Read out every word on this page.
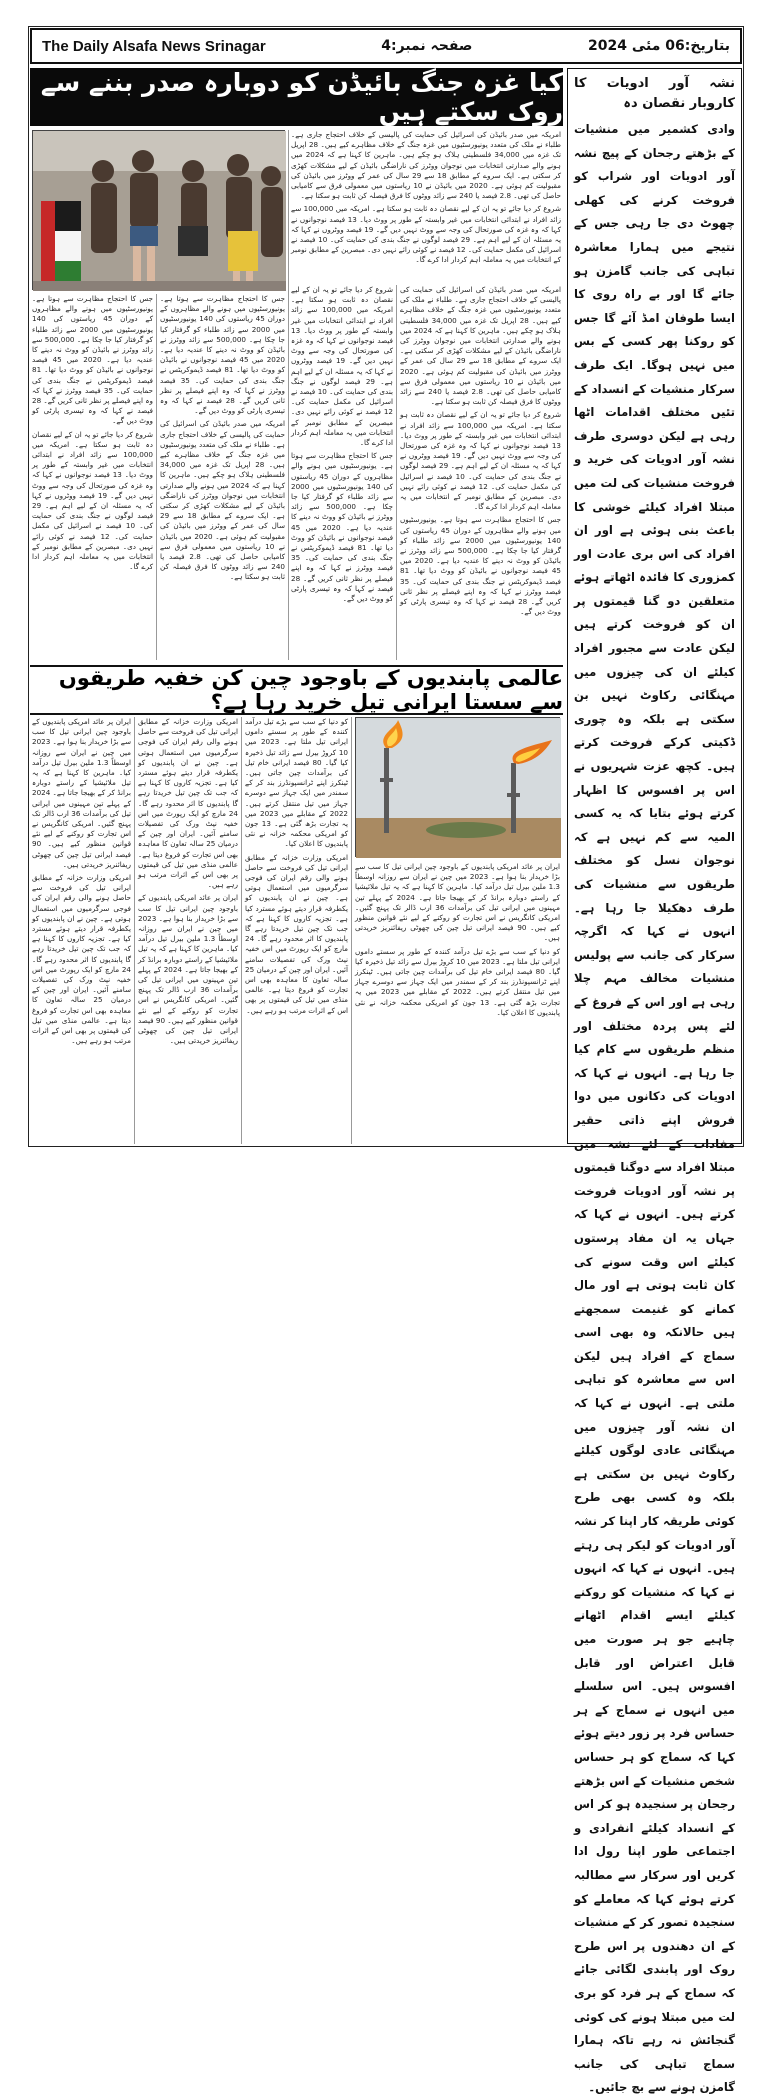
The Daily Alsafa News Srinagar	صفحہ نمبر:4	بتاریخ:06 مئی 2024
کیا غزہ جنگ بائیڈن کو دوبارہ صدر بننے سے روک سکتے ہیں

امریکہ میں صدر بائیڈن کی اسرائیل کی حمایت کی پالیسی کے خلاف احتجاج جاری ہے۔ طلباء نے ملک کی متعدد یونیورسٹیوں میں غزہ جنگ کے خلاف مظاہرے کیے ہیں۔ 28 اپریل تک غزہ میں 34,000 فلسطینی ہلاک ہو چکے ہیں۔ ماہرین کا کہنا ہے کہ 2024 میں ہونے والے صدارتی انتخابات میں نوجوان ووٹرز کی ناراضگی بائیڈن کے لیے مشکلات کھڑی کر سکتی ہے۔ ایک سروے کے مطابق 18 سے 29 سال کی عمر کے ووٹرز میں بائیڈن کی مقبولیت کم ہوئی ہے۔ 2020 میں بائیڈن نے 10 ریاستوں میں معمولی فرق سے کامیابی حاصل کی تھی۔ 2.8 فیصد یا 240 سے زائد ووٹوں کا فرق فیصلہ کن ثابت ہو سکتا ہے۔

شروع کر دیا جائے تو یہ ان کے لیے نقصان دہ ثابت ہو سکتا ہے۔ امریکہ میں 100,000 سے زائد افراد نے ابتدائی انتخابات میں غیر وابستہ کے طور پر ووٹ دیا۔ 13 فیصد نوجوانوں نے کہا کہ وہ غزہ کی صورتحال کی وجہ سے ووٹ نہیں دیں گے۔ 19 فیصد ووٹروں نے کہا کہ یہ مسئلہ ان کے لیے اہم ہے۔ 29 فیصد لوگوں نے جنگ بندی کی حمایت کی۔ 10 فیصد نے اسرائیل کی مکمل حمایت کی۔ 12 فیصد نے کوئی رائے نہیں دی۔ مبصرین کے مطابق نومبر کے انتخابات میں یہ معاملہ اہم کردار ادا کرے گا۔

امریکہ میں صدر بائیڈن کی اسرائیل کی حمایت کی پالیسی کے خلاف احتجاج جاری ہے۔ طلباء نے ملک کی متعدد یونیورسٹیوں میں غزہ جنگ کے خلاف مظاہرے کیے ہیں۔ 28 اپریل تک غزہ میں 34,000 فلسطینی ہلاک ہو چکے ہیں۔ ماہرین کا کہنا ہے کہ 2024 میں ہونے والے صدارتی انتخابات میں نوجوان ووٹرز کی ناراضگی بائیڈن کے لیے مشکلات کھڑی کر سکتی ہے۔ ایک سروے کے مطابق 18 سے 29 سال کی عمر کے ووٹرز میں بائیڈن کی مقبولیت کم ہوئی ہے۔ 2020 میں بائیڈن نے 10 ریاستوں میں معمولی فرق سے کامیابی حاصل کی تھی۔ 2.8 فیصد یا 240 سے زائد ووٹوں کا فرق فیصلہ کن ثابت ہو سکتا ہے۔

شروع کر دیا جائے تو یہ ان کے لیے نقصان دہ ثابت ہو سکتا ہے۔ امریکہ میں 100,000 سے زائد افراد نے ابتدائی انتخابات میں غیر وابستہ کے طور پر ووٹ دیا۔ 13 فیصد نوجوانوں نے کہا کہ وہ غزہ کی صورتحال کی وجہ سے ووٹ نہیں دیں گے۔ 19 فیصد ووٹروں نے کہا کہ یہ مسئلہ ان کے لیے اہم ہے۔ 29 فیصد لوگوں نے جنگ بندی کی حمایت کی۔ 10 فیصد نے اسرائیل کی مکمل حمایت کی۔ 12 فیصد نے کوئی رائے نہیں دی۔ مبصرین کے مطابق نومبر کے انتخابات میں یہ معاملہ اہم کردار ادا کرے گا۔

جس کا احتجاج مظاہرت سے ہوتا ہے۔ یونیورسٹیوں میں ہونے والے مظاہروں کے دوران 45 ریاستوں کی 140 یونیورسٹیوں میں 2000 سے زائد طلباء کو گرفتار کیا جا چکا ہے۔ 500,000 سے زائد ووٹرز نے بائیڈن کو ووٹ نہ دینے کا عندیہ دیا ہے۔ 2020 میں 45 فیصد نوجوانوں نے بائیڈن کو ووٹ دیا تھا۔ 81 فیصد ڈیموکریٹس نے جنگ بندی کی حمایت کی۔ 35 فیصد ووٹرز نے کہا کہ وہ اپنے فیصلے پر نظر ثانی کریں گے۔ 28 فیصد نے کہا کہ وہ تیسری پارٹی کو ووٹ دیں گے۔

شروع کر دیا جائے تو یہ ان کے لیے نقصان دہ ثابت ہو سکتا ہے۔ امریکہ میں 100,000 سے زائد افراد نے ابتدائی انتخابات میں غیر وابستہ کے طور پر ووٹ دیا۔ 13 فیصد نوجوانوں نے کہا کہ وہ غزہ کی صورتحال کی وجہ سے ووٹ نہیں دیں گے۔ 19 فیصد ووٹروں نے کہا کہ یہ مسئلہ ان کے لیے اہم ہے۔ 29 فیصد لوگوں نے جنگ بندی کی حمایت کی۔ 10 فیصد نے اسرائیل کی مکمل حمایت کی۔ 12 فیصد نے کوئی رائے نہیں دی۔ مبصرین کے مطابق نومبر کے انتخابات میں یہ معاملہ اہم کردار ادا کرے گا۔

جس کا احتجاج مظاہرت سے ہوتا ہے۔ یونیورسٹیوں میں ہونے والے مظاہروں کے دوران 45 ریاستوں کی 140 یونیورسٹیوں میں 2000 سے زائد طلباء کو گرفتار کیا جا چکا ہے۔ 500,000 سے زائد ووٹرز نے بائیڈن کو ووٹ نہ دینے کا عندیہ دیا ہے۔ 2020 میں 45 فیصد نوجوانوں نے بائیڈن کو ووٹ دیا تھا۔ 81 فیصد ڈیموکریٹس نے جنگ بندی کی حمایت کی۔ 35 فیصد ووٹرز نے کہا کہ وہ اپنے فیصلے پر نظر ثانی کریں گے۔ 28 فیصد نے کہا کہ وہ تیسری پارٹی کو ووٹ دیں گے۔

جس کا احتجاج مظاہرت سے ہوتا ہے۔ یونیورسٹیوں میں ہونے والے مظاہروں کے دوران 45 ریاستوں کی 140 یونیورسٹیوں میں 2000 سے زائد طلباء کو گرفتار کیا جا چکا ہے۔ 500,000 سے زائد ووٹرز نے بائیڈن کو ووٹ نہ دینے کا عندیہ دیا ہے۔ 2020 میں 45 فیصد نوجوانوں نے بائیڈن کو ووٹ دیا تھا۔ 81 فیصد ڈیموکریٹس نے جنگ بندی کی حمایت کی۔ 35 فیصد ووٹرز نے کہا کہ وہ اپنے فیصلے پر نظر ثانی کریں گے۔ 28 فیصد نے کہا کہ وہ تیسری پارٹی کو ووٹ دیں گے۔

امریکہ میں صدر بائیڈن کی اسرائیل کی حمایت کی پالیسی کے خلاف احتجاج جاری ہے۔ طلباء نے ملک کی متعدد یونیورسٹیوں میں غزہ جنگ کے خلاف مظاہرے کیے ہیں۔ 28 اپریل تک غزہ میں 34,000 فلسطینی ہلاک ہو چکے ہیں۔ ماہرین کا کہنا ہے کہ 2024 میں ہونے والے صدارتی انتخابات میں نوجوان ووٹرز کی ناراضگی بائیڈن کے لیے مشکلات کھڑی کر سکتی ہے۔ ایک سروے کے مطابق 18 سے 29 سال کی عمر کے ووٹرز میں بائیڈن کی مقبولیت کم ہوئی ہے۔ 2020 میں بائیڈن نے 10 ریاستوں میں معمولی فرق سے کامیابی حاصل کی تھی۔ 2.8 فیصد یا 240 سے زائد ووٹوں کا فرق فیصلہ کن ثابت ہو سکتا ہے۔

جس کا احتجاج مظاہرت سے ہوتا ہے۔ یونیورسٹیوں میں ہونے والے مظاہروں کے دوران 45 ریاستوں کی 140 یونیورسٹیوں میں 2000 سے زائد طلباء کو گرفتار کیا جا چکا ہے۔ 500,000 سے زائد ووٹرز نے بائیڈن کو ووٹ نہ دینے کا عندیہ دیا ہے۔ 2020 میں 45 فیصد نوجوانوں نے بائیڈن کو ووٹ دیا تھا۔ 81 فیصد ڈیموکریٹس نے جنگ بندی کی حمایت کی۔ 35 فیصد ووٹرز نے کہا کہ وہ اپنے فیصلے پر نظر ثانی کریں گے۔ 28 فیصد نے کہا کہ وہ تیسری پارٹی کو ووٹ دیں گے۔

شروع کر دیا جائے تو یہ ان کے لیے نقصان دہ ثابت ہو سکتا ہے۔ امریکہ میں 100,000 سے زائد افراد نے ابتدائی انتخابات میں غیر وابستہ کے طور پر ووٹ دیا۔ 13 فیصد نوجوانوں نے کہا کہ وہ غزہ کی صورتحال کی وجہ سے ووٹ نہیں دیں گے۔ 19 فیصد ووٹروں نے کہا کہ یہ مسئلہ ان کے لیے اہم ہے۔ 29 فیصد لوگوں نے جنگ بندی کی حمایت کی۔ 10 فیصد نے اسرائیل کی مکمل حمایت کی۔ 12 فیصد نے کوئی رائے نہیں دی۔ مبصرین کے مطابق نومبر کے انتخابات میں یہ معاملہ اہم کردار ادا کرے گا۔

عالمی پابندیوں کے باوجود چین کن خفیہ طریقوں سے سستا ایرانی تیل خرید رہا ہے؟

ایران پر عائد امریکی پابندیوں کے باوجود چین ایرانی تیل کا سب سے بڑا خریدار بنا ہوا ہے۔ 2023 میں چین نے ایران سے روزانہ اوسطاً 1.3 ملین بیرل تیل درآمد کیا۔ ماہرین کا کہنا ہے کہ یہ تیل ملائیشیا کے راستے دوبارہ برانڈ کر کے بھیجا جاتا ہے۔ 2024 کے پہلے تین مہینوں میں ایرانی تیل کی برآمدات 36 ارب ڈالر تک پہنچ گئیں۔ امریکی کانگریس نے اس تجارت کو روکنے کے لیے نئے قوانین منظور کیے ہیں۔ 90 فیصد ایرانی تیل چین کی چھوٹی ریفائنریز خریدتی ہیں۔

کو دنیا کے سب سے بڑے تیل درآمد کنندہ کے طور پر سستے داموں ایرانی تیل ملتا ہے۔ 2023 میں 10 کروڑ بیرل سے زائد تیل ذخیرہ کیا گیا۔ 80 فیصد ایرانی خام تیل کی برآمدات چین جاتی ہیں۔ ٹینکرز اپنے ٹرانسپونڈرز بند کر کے سمندر میں ایک جہاز سے دوسرے جہاز میں تیل منتقل کرتے ہیں۔ 2022 کے مقابلے میں 2023 میں یہ تجارت بڑھ گئی ہے۔ 13 جون کو امریکی محکمہ خزانہ نے نئی پابندیوں کا اعلان کیا۔

کو دنیا کے سب سے بڑے تیل درآمد کنندہ کے طور پر سستے داموں ایرانی تیل ملتا ہے۔ 2023 میں 10 کروڑ بیرل سے زائد تیل ذخیرہ کیا گیا۔ 80 فیصد ایرانی خام تیل کی برآمدات چین جاتی ہیں۔ ٹینکرز اپنے ٹرانسپونڈرز بند کر کے سمندر میں ایک جہاز سے دوسرے جہاز میں تیل منتقل کرتے ہیں۔ 2022 کے مقابلے میں 2023 میں یہ تجارت بڑھ گئی ہے۔ 13 جون کو امریکی محکمہ خزانہ نے نئی پابندیوں کا اعلان کیا۔

امریکی وزارت خزانہ کے مطابق ایرانی تیل کی فروخت سے حاصل ہونے والی رقم ایران کی فوجی سرگرمیوں میں استعمال ہوتی ہے۔ چین نے ان پابندیوں کو یکطرفہ قرار دیتے ہوئے مسترد کیا ہے۔ تجزیہ کاروں کا کہنا ہے کہ جب تک چین تیل خریدتا رہے گا پابندیوں کا اثر محدود رہے گا۔ 24 مارچ کو ایک رپورٹ میں اس خفیہ نیٹ ورک کی تفصیلات سامنے آئیں۔ ایران اور چین کے درمیان 25 سالہ تعاون کا معاہدہ بھی اس تجارت کو فروغ دیتا ہے۔ عالمی منڈی میں تیل کی قیمتوں پر بھی اس کے اثرات مرتب ہو رہے ہیں۔

امریکی وزارت خزانہ کے مطابق ایرانی تیل کی فروخت سے حاصل ہونے والی رقم ایران کی فوجی سرگرمیوں میں استعمال ہوتی ہے۔ چین نے ان پابندیوں کو یکطرفہ قرار دیتے ہوئے مسترد کیا ہے۔ تجزیہ کاروں کا کہنا ہے کہ جب تک چین تیل خریدتا رہے گا پابندیوں کا اثر محدود رہے گا۔ 24 مارچ کو ایک رپورٹ میں اس خفیہ نیٹ ورک کی تفصیلات سامنے آئیں۔ ایران اور چین کے درمیان 25 سالہ تعاون کا معاہدہ بھی اس تجارت کو فروغ دیتا ہے۔ عالمی منڈی میں تیل کی قیمتوں پر بھی اس کے اثرات مرتب ہو رہے ہیں۔

ایران پر عائد امریکی پابندیوں کے باوجود چین ایرانی تیل کا سب سے بڑا خریدار بنا ہوا ہے۔ 2023 میں چین نے ایران سے روزانہ اوسطاً 1.3 ملین بیرل تیل درآمد کیا۔ ماہرین کا کہنا ہے کہ یہ تیل ملائیشیا کے راستے دوبارہ برانڈ کر کے بھیجا جاتا ہے۔ 2024 کے پہلے تین مہینوں میں ایرانی تیل کی برآمدات 36 ارب ڈالر تک پہنچ گئیں۔ امریکی کانگریس نے اس تجارت کو روکنے کے لیے نئے قوانین منظور کیے ہیں۔ 90 فیصد ایرانی تیل چین کی چھوٹی ریفائنریز خریدتی ہیں۔

ایران پر عائد امریکی پابندیوں کے باوجود چین ایرانی تیل کا سب سے بڑا خریدار بنا ہوا ہے۔ 2023 میں چین نے ایران سے روزانہ اوسطاً 1.3 ملین بیرل تیل درآمد کیا۔ ماہرین کا کہنا ہے کہ یہ تیل ملائیشیا کے راستے دوبارہ برانڈ کر کے بھیجا جاتا ہے۔ 2024 کے پہلے تین مہینوں میں ایرانی تیل کی برآمدات 36 ارب ڈالر تک پہنچ گئیں۔ امریکی کانگریس نے اس تجارت کو روکنے کے لیے نئے قوانین منظور کیے ہیں۔ 90 فیصد ایرانی تیل چین کی چھوٹی ریفائنریز خریدتی ہیں۔

امریکی وزارت خزانہ کے مطابق ایرانی تیل کی فروخت سے حاصل ہونے والی رقم ایران کی فوجی سرگرمیوں میں استعمال ہوتی ہے۔ چین نے ان پابندیوں کو یکطرفہ قرار دیتے ہوئے مسترد کیا ہے۔ تجزیہ کاروں کا کہنا ہے کہ جب تک چین تیل خریدتا رہے گا پابندیوں کا اثر محدود رہے گا۔ 24 مارچ کو ایک رپورٹ میں اس خفیہ نیٹ ورک کی تفصیلات سامنے آئیں۔ ایران اور چین کے درمیان 25 سالہ تعاون کا معاہدہ بھی اس تجارت کو فروغ دیتا ہے۔ عالمی منڈی میں تیل کی قیمتوں پر بھی اس کے اثرات مرتب ہو رہے ہیں۔

نشہ آور ادویات کا کاروبار نقصان دہ

وادی کشمیر میں منشیات کے بڑھتے رجحان کے پیچ نشہ آور ادویات اور شراب کو فروخت کرنے کی کھلی چھوٹ دی جا رہی جس کے نتیجے میں ہمارا معاشرہ تباہی کی جانب گامزن ہو جائے گا اور بے راہ روی کا ایسا طوفان امڈ آئے گا جس کو روکنا پھر کسی کے بس میں نہیں ہوگا۔ ایک طرف سرکار منشیات کے انسداد کے تئیں مختلف اقدامات اٹھا رہی ہے لیکن دوسری طرف نشہ آور ادویات کی خرید و فروخت منشیات کی لت میں مبتلا افراد کیلئے خوشی کا باعث بنی ہوئی ہے اور ان افراد کی اس بری عادت اور کمزوری کا فائدہ اٹھاتے ہوئے متعلقین دو گنا قیمتوں پر ان کو فروخت کرتے ہیں لیکن عادت سے مجبور افراد کیلئے ان کی چیزوں میں مہنگائی رکاوٹ نہیں بن سکتی ہے بلکہ وہ چوری ڈکیتی کرکے فروخت کرتے ہیں۔ کچھ عزت شہریوں نے اس پر افسوس کا اظہار کرتے ہوئے بتایا کہ یہ کسی المیہ سے کم نہیں ہے کہ نوجوان نسل کو مختلف طریقوں سے منشیات کی طرف دھکیلا جا رہا ہے۔ انہوں نے کہا کہ اگرچہ سرکار کی جانب سے پولیس منشیات مخالف مہم چلا رہی ہے اور اس کے فروغ کے لئے پس پردہ مختلف اور منظم طریقوں سے کام کیا جا رہا ہے۔ انہوں نے کہا کہ ادویات کی دکانوں میں دوا فروش اپنے ذاتی حقیر مفادات کے لئے نشہ میں مبتلا افراد سے دوگنا قیمتوں پر نشہ آور ادویات فروخت کرتے ہیں۔ انہوں نے کہا کہ جہاں یہ ان مفاد پرستوں کیلئے اس وقت سونے کی کان ثابت ہوتی ہے اور مال کمانے کو غنیمت سمجھتے ہیں حالانکہ وہ بھی اسی سماج کے افراد ہیں لیکن اس سے معاشرہ کو تباہی ملتی ہے۔ انہوں نے کہا کہ ان نشہ آور چیزوں میں مہنگائی عادی لوگوں کیلئے رکاوٹ نہیں بن سکتی ہے بلکہ وہ کسی بھی طرح کوئی طریقہ کار اپنا کر نشہ آور ادویات کو لیکر ہی رہتے ہیں۔ انہوں نے کہا کہ انہوں نے کہا کہ منشیات کو روکنے کیلئے ایسے اقدام اٹھانے چاہیے جو ہر صورت میں قابل اعتراض اور قابل افسوس ہیں۔ اس سلسلے میں انہوں نے سماج کے ہر حساس فرد پر زور دیتے ہوئے کہا کہ سماج کو ہر حساس شخص منشیات کے اس بڑھتے رجحان پر سنجیدہ ہو کر اس کے انسداد کیلئے انفرادی و اجتماعی طور اپنا رول ادا کریں اور سرکار سے مطالبہ کرتے ہوئے کہا کہ معاملے کو سنجیدہ تصور کر کے منشیات کے ان دھندوں پر اس طرح روک اور پابندی لگائی جائے کہ سماج کے ہر فرد کو بری لت میں مبتلا ہونے کی کوئی گنجائش نہ رہے تاکہ ہمارا سماج تباہی کی جانب گامزن ہونے سے بچ جائیں۔
